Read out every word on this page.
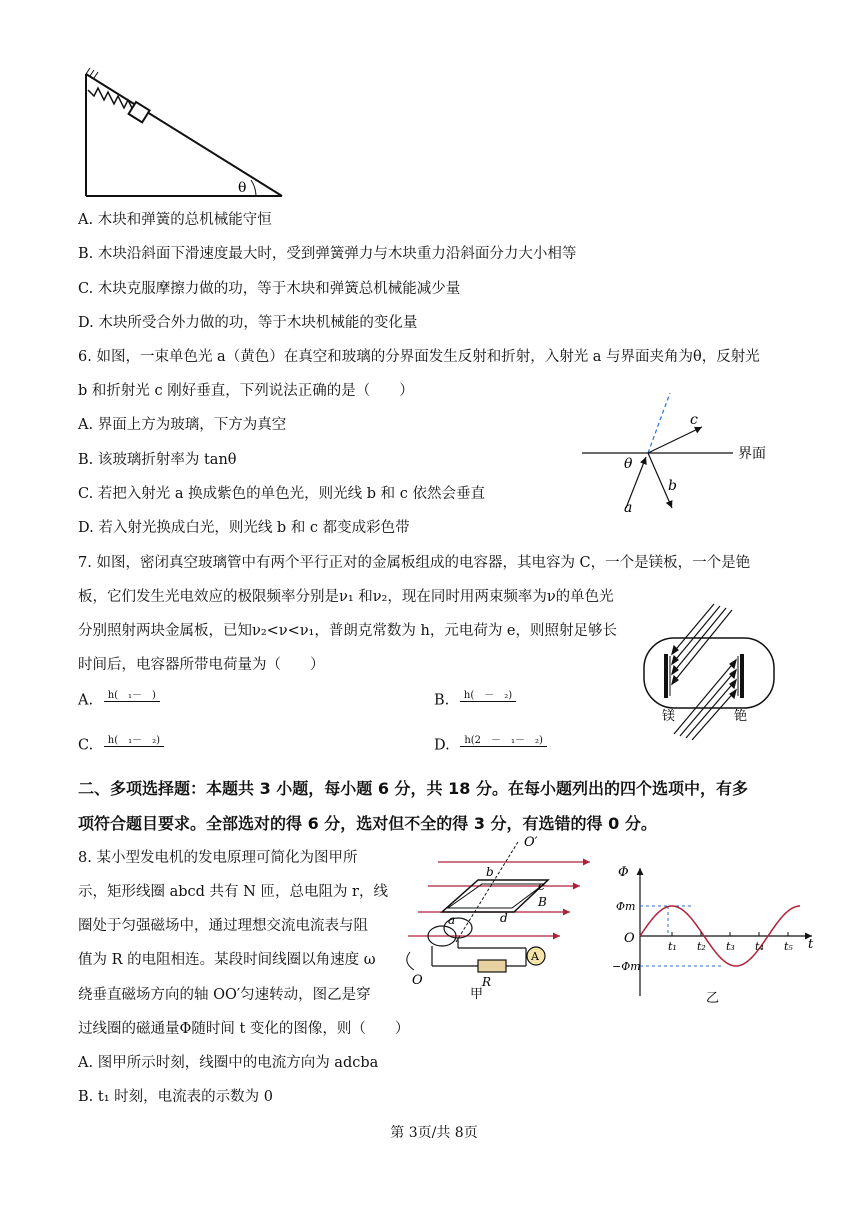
θ
A. 木块和弹簧的总机械能守恒
B. 木块沿斜面下滑速度最大时，受到弹簧弹力与木块重力沿斜面分力大小相等
C. 木块克服摩擦力做的功，等于木块和弹簧总机械能减少量
D. 木块所受合外力做的功，等于木块机械能的变化量
6. 如图，一束单色光 a（黄色）在真空和玻璃的分界面发生反射和折射，入射光 a 与界面夹角为θ，反射光
b 和折射光 c 刚好垂直，下列说法正确的是（　　）
A. 界面上方为玻璃，下方为真空
B. 该玻璃折射率为 tanθ
C. 若把入射光 a 换成紫色的单色光，则光线 b 和 c 依然会垂直
D. 若入射光换成白光，则光线 b 和 c 都变成彩色带
界面
θ
c
b
a
7. 如图，密闭真空玻璃管中有两个平行正对的金属板组成的电容器，其电容为 C，一个是镁板，一个是铯
板，它们发生光电效应的极限频率分别是ν₁ 和ν₂，现在同时用两束频率为ν的单色光
分别照射两块金属板，已知ν₂<ν<ν₁，普朗克常数为 h，元电荷为 e，则照射足够长
时间后，电容器所带电荷量为（　　）
A.	h(　₁－　)	B.	h(　－　₂)
C.	h(　₁－　₂)	D.	h(2　－　₁－　₂)
镁	铯
二、多项选择题：本题共 3 小题，每小题 6 分，共 18 分。在每小题列出的四个选项中，有多
项符合题目要求。全部选对的得 6 分，选对但不全的得 3 分，有选错的得 0 分。
8. 某小型发电机的发电原理可简化为图甲所
示，矩形线圈 abcd 共有 N 匝，总电阻为 r，线
圈处于匀强磁场中，通过理想交流电流表与阻
值为 R 的电阻相连。某段时间线圈以角速度 ω
绕垂直磁场方向的轴 OO′匀速转动，图乙是穿
过线圈的磁通量Φ随时间 t 变化的图像，则（　　）
A. 图甲所示时刻，线圈中的电流方向为 adcba
B. t₁ 时刻，电流表的示数为 0
A
O′
O
a
b
c
d
B
R
甲
Φ
t
O
Φm
−Φm
t₁ t₂ t₃ t₄ t₅
乙
第 3页/共 8页
